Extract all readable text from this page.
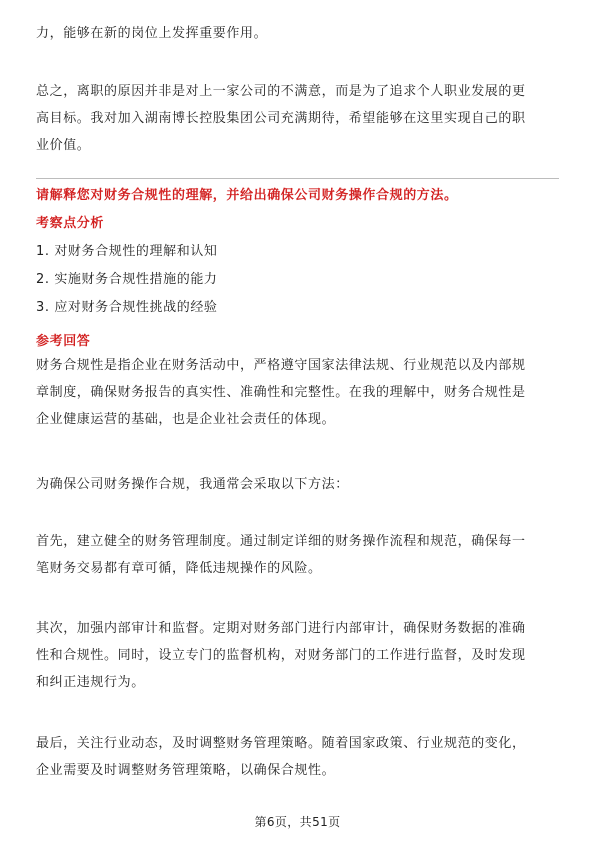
力，能够在新的岗位上发挥重要作用。

总之，离职的原因并非是对上一家公司的不满意，而是为了追求个人职业发展的更
高目标。我对加入湖南博长控股集团公司充满期待，希望能够在这里实现自己的职
业价值。
请解释您对财务合规性的理解，并给出确保公司财务操作合规的方法。
考察点分析
1. 对财务合规性的理解和认知
2. 实施财务合规性措施的能力
3. 应对财务合规性挑战的经验
参考回答
财务合规性是指企业在财务活动中，严格遵守国家法律法规、行业规范以及内部规
章制度，确保财务报告的真实性、准确性和完整性。在我的理解中，财务合规性是
企业健康运营的基础，也是企业社会责任的体现。
为确保公司财务操作合规，我通常会采取以下方法：
首先，建立健全的财务管理制度。通过制定详细的财务操作流程和规范，确保每一
笔财务交易都有章可循，降低违规操作的风险。
其次，加强内部审计和监督。定期对财务部门进行内部审计，确保财务数据的准确
性和合规性。同时，设立专门的监督机构，对财务部门的工作进行监督，及时发现
和纠正违规行为。
最后，关注行业动态，及时调整财务管理策略。随着国家政策、行业规范的变化，
企业需要及时调整财务管理策略，以确保合规性。
第6页，共51页
